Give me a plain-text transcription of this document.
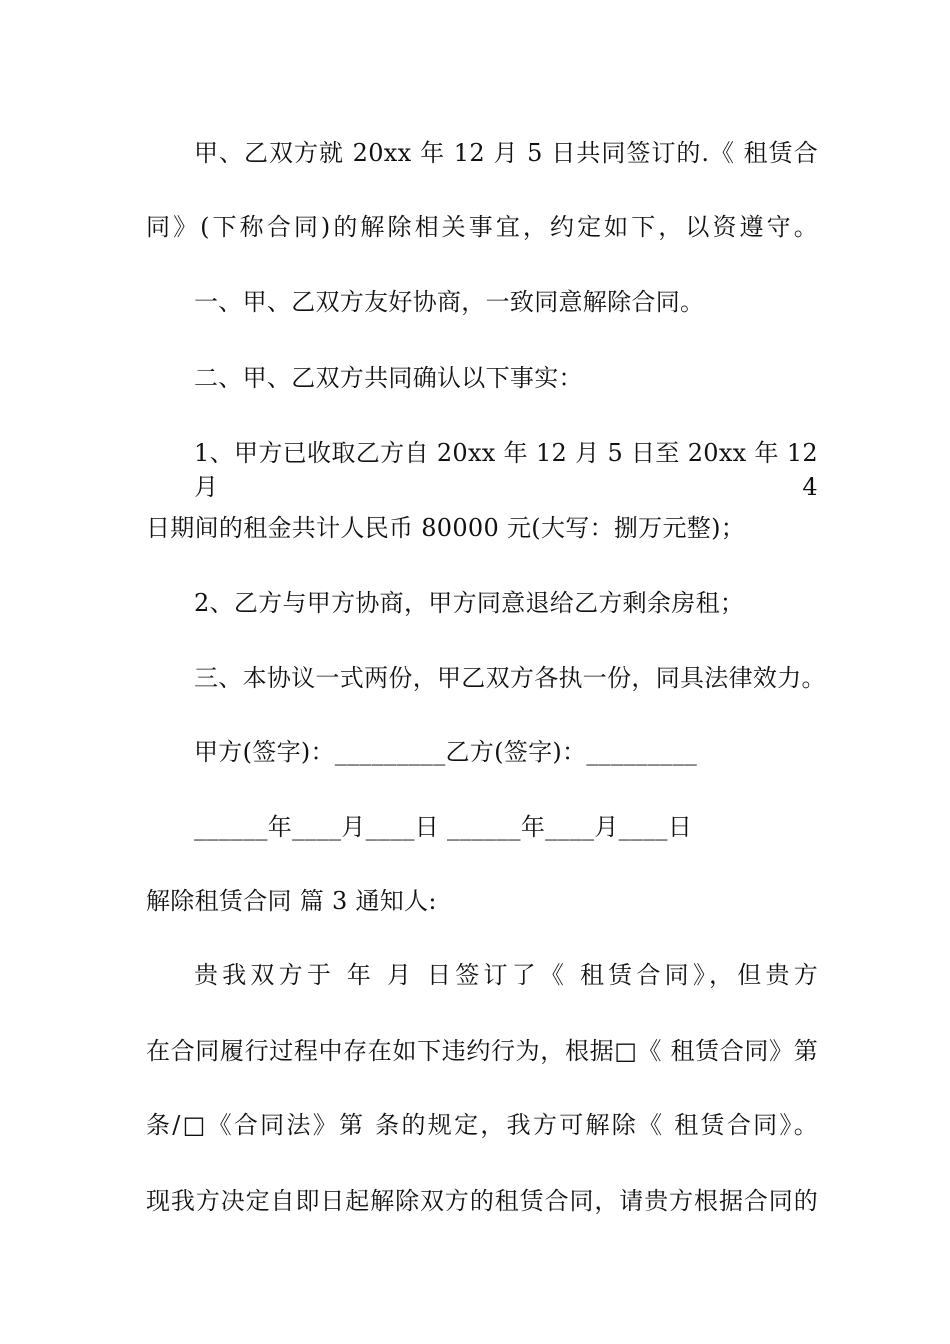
甲、乙双方就 20xx 年 12 月 5 日共同签订的.《 租赁合
同》(下称合同)的解除相关事宜，约定如下，以资遵守。
一、甲、乙双方友好协商，一致同意解除合同。
二、甲、乙双方共同确认以下事实：
1、甲方已收取乙方自 20xx 年 12 月 5 日至 20xx 年 12 月 4
日期间的租金共计人民币 80000 元(大写：捌万元整)；
2、乙方与甲方协商，甲方同意退给乙方剩余房租；
三、本协议一式两份，甲乙双方各执一份，同具法律效力。
甲方(签字)：_________乙方(签字)：_________
______年____月____日 ______年____月____日
解除租赁合同 篇 3 通知人:
贵我双方于 年 月 日签订了《 租赁合同》，但贵方
在合同履行过程中存在如下违约行为，根据□《 租赁合同》第
条/□《合同法》第 条的规定，我方可解除《 租赁合同》。
现我方决定自即日起解除双方的租赁合同，请贵方根据合同的
